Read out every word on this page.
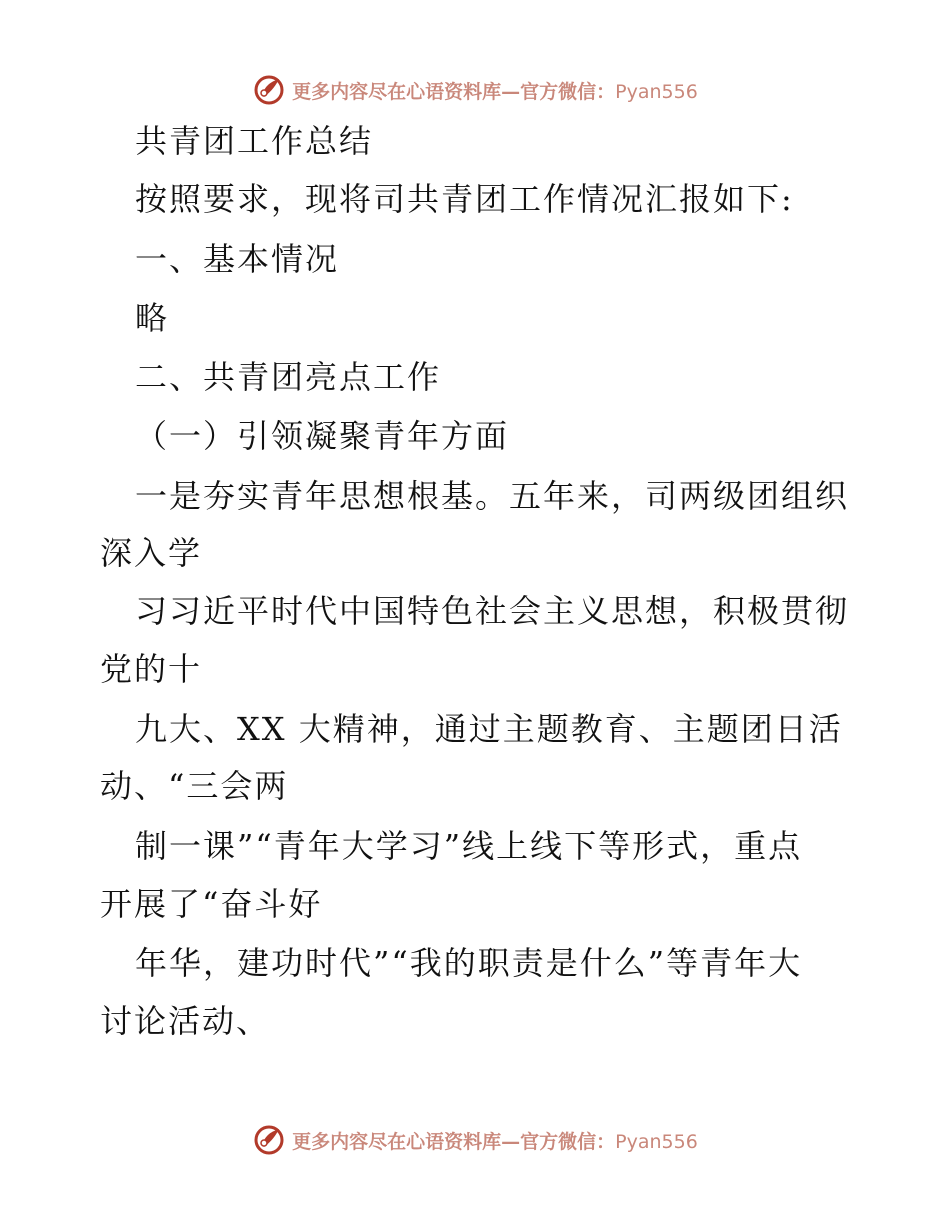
更多内容尽在心语资料库—官方微信：Pyan556
共青团工作总结
按照要求，现将司共青团工作情况汇报如下:
一、基本情况
略
二、共青团亮点工作
（一）引领凝聚青年方面
一是夯实青年思想根基。五年来，司两级团组织
深入学
习习近平时代中国特色社会主义思想，积极贯彻
党的十
九大、XX 大精神，通过主题教育、主题团日活
动、“三会两
制一课”“青年大学习”线上线下等形式，重点
开展了“奋斗好
年华，建功时代”“我的职责是什么”等青年大
讨论活动、
更多内容尽在心语资料库—官方微信：Pyan556
